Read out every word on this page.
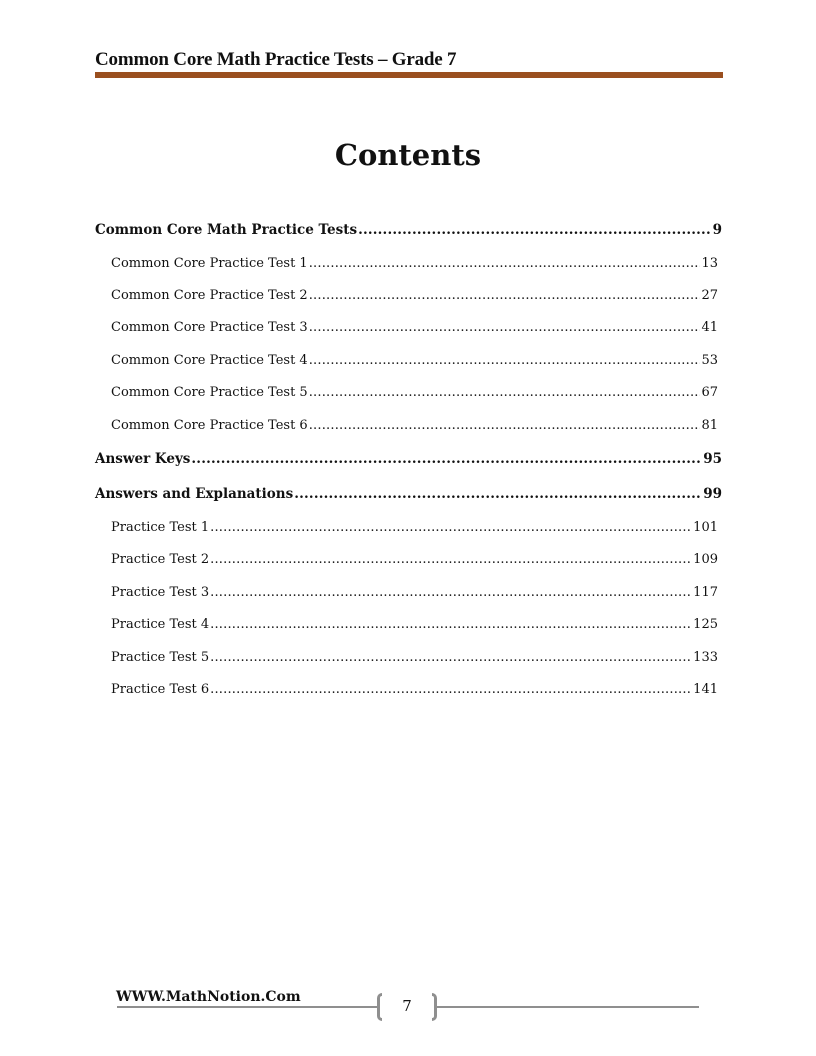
Common Core Math Practice Tests – Grade 7
Contents
Common Core Math Practice Tests .....	9
Common Core Practice Test 1 .....	13
Common Core Practice Test 2 .....	27
Common Core Practice Test 3 .....	41
Common Core Practice Test 4 .....	53
Common Core Practice Test 5 .....	67
Common Core Practice Test 6 .....	81
Answer Keys .....	95
Answers and Explanations .....	99
Practice Test 1 .....	101
Practice Test 2 .....	109
Practice Test 3 .....	117
Practice Test 4 .....	125
Practice Test 5 .....	133
Practice Test 6 .....	141
WWW.MathNotion.Com	7
